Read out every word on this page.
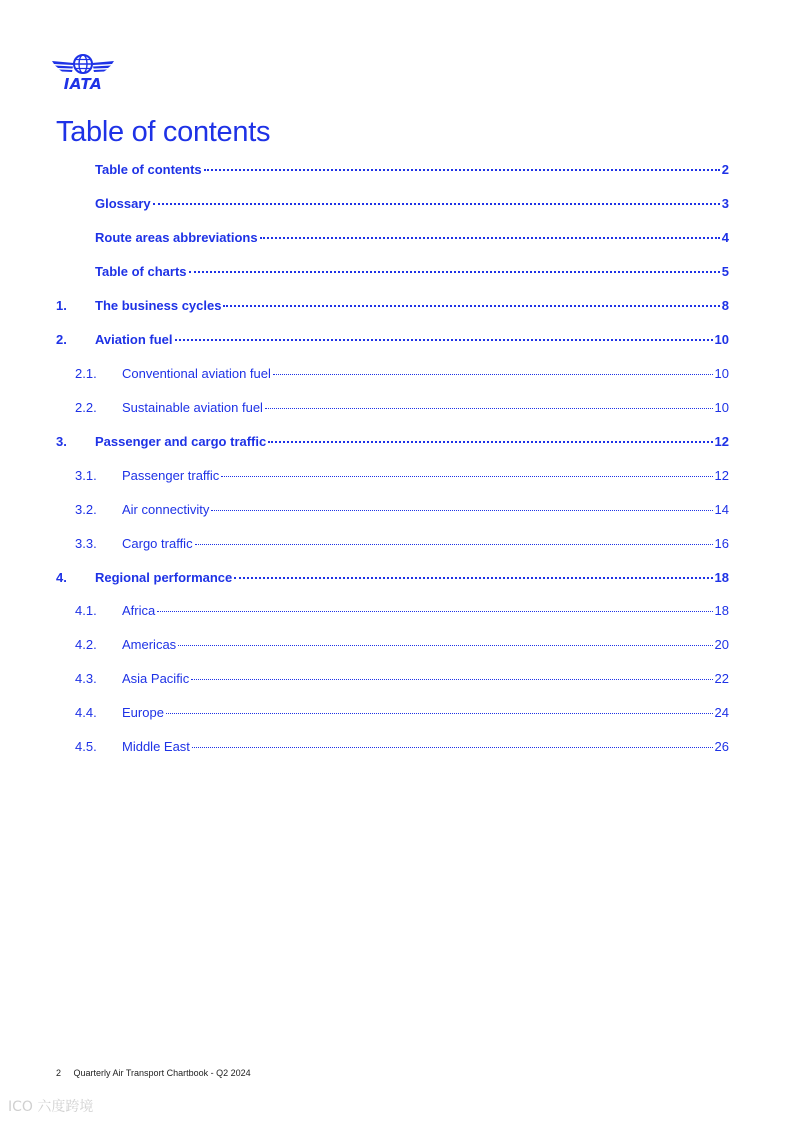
IATA
Table of contents
Table of contents	2
Glossary	3
Route areas abbreviations	4
Table of charts	5
1.	The business cycles	8
2.	Aviation fuel	10
2.1.	Conventional aviation fuel	10
2.2.	Sustainable aviation fuel	10
3.	Passenger and cargo traffic	12
3.1.	Passenger traffic	12
3.2.	Air connectivity	14
3.3.	Cargo traffic	16
4.	Regional performance	18
4.1.	Africa	18
4.2.	Americas	20
4.3.	Asia Pacific	22
4.4.	Europe	24
4.5.	Middle East	26
2 Quarterly Air Transport Chartbook - Q2 2024
ICO 六度跨境
